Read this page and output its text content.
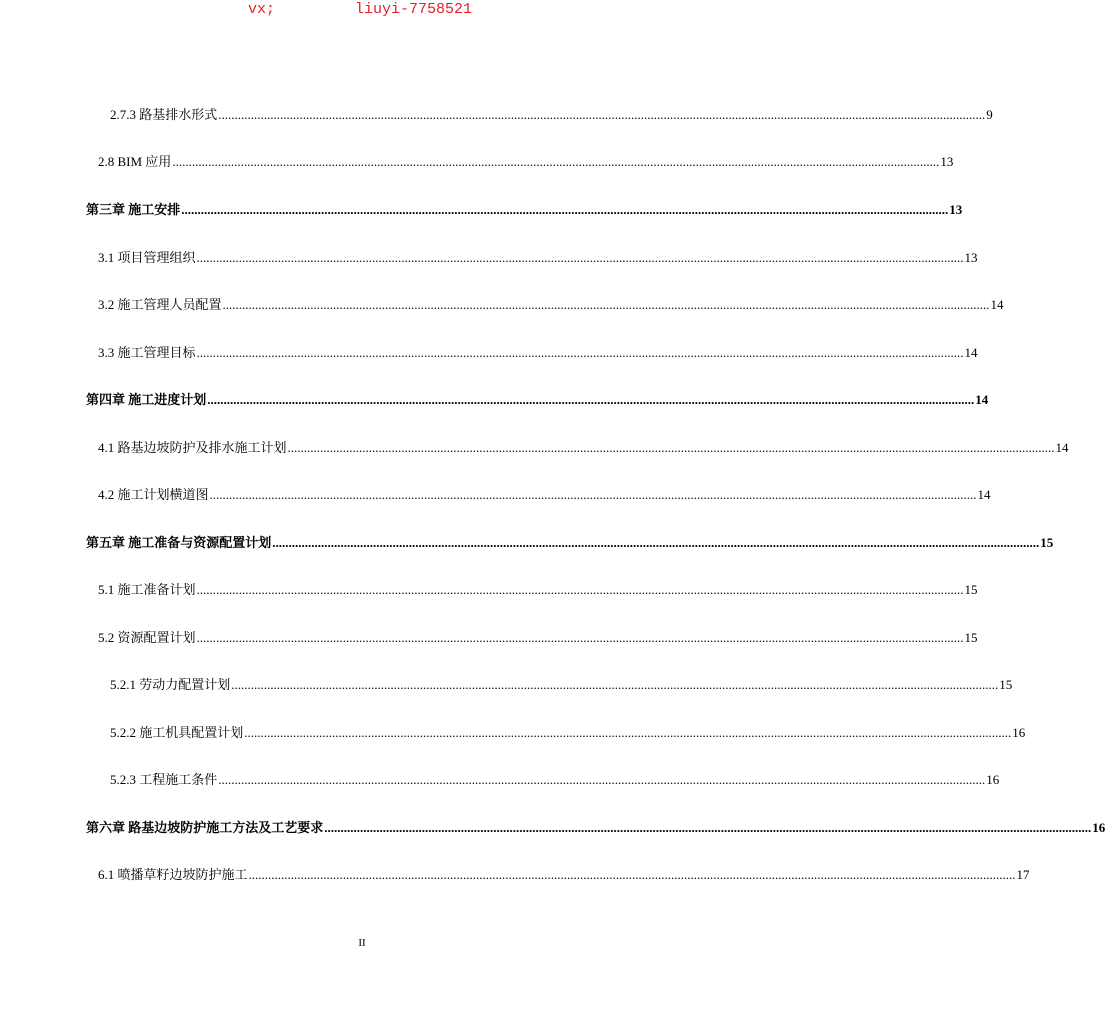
vx;	liuyi-7758521
2.7.3 路基排水形式 ............................................................................................................................................................................................................................................ 9
2.8 BIM 应用 ............................................................................................................................................................................................................................................ 13
第三章 施工安排 ............................................................................................................................................................................................................................................ 13
3.1 项目管理组织 ............................................................................................................................................................................................................................................ 13
3.2 施工管理人员配置 ............................................................................................................................................................................................................................................ 14
3.3 施工管理目标 ............................................................................................................................................................................................................................................ 14
第四章 施工进度计划 ............................................................................................................................................................................................................................................ 14
4.1 路基边坡防护及排水施工计划 ............................................................................................................................................................................................................................................ 14
4.2 施工计划横道图 ............................................................................................................................................................................................................................................ 14
第五章 施工准备与资源配置计划 ............................................................................................................................................................................................................................................ 15
5.1 施工准备计划 ............................................................................................................................................................................................................................................ 15
5.2 资源配置计划 ............................................................................................................................................................................................................................................ 15
5.2.1 劳动力配置计划 ............................................................................................................................................................................................................................................ 15
5.2.2 施工机具配置计划 ............................................................................................................................................................................................................................................ 16
5.2.3 工程施工条件 ............................................................................................................................................................................................................................................ 16
第六章 路基边坡防护施工方法及工艺要求 ............................................................................................................................................................................................................................................ 16
6.1 喷播草籽边坡防护施工 ............................................................................................................................................................................................................................................ 17
II
